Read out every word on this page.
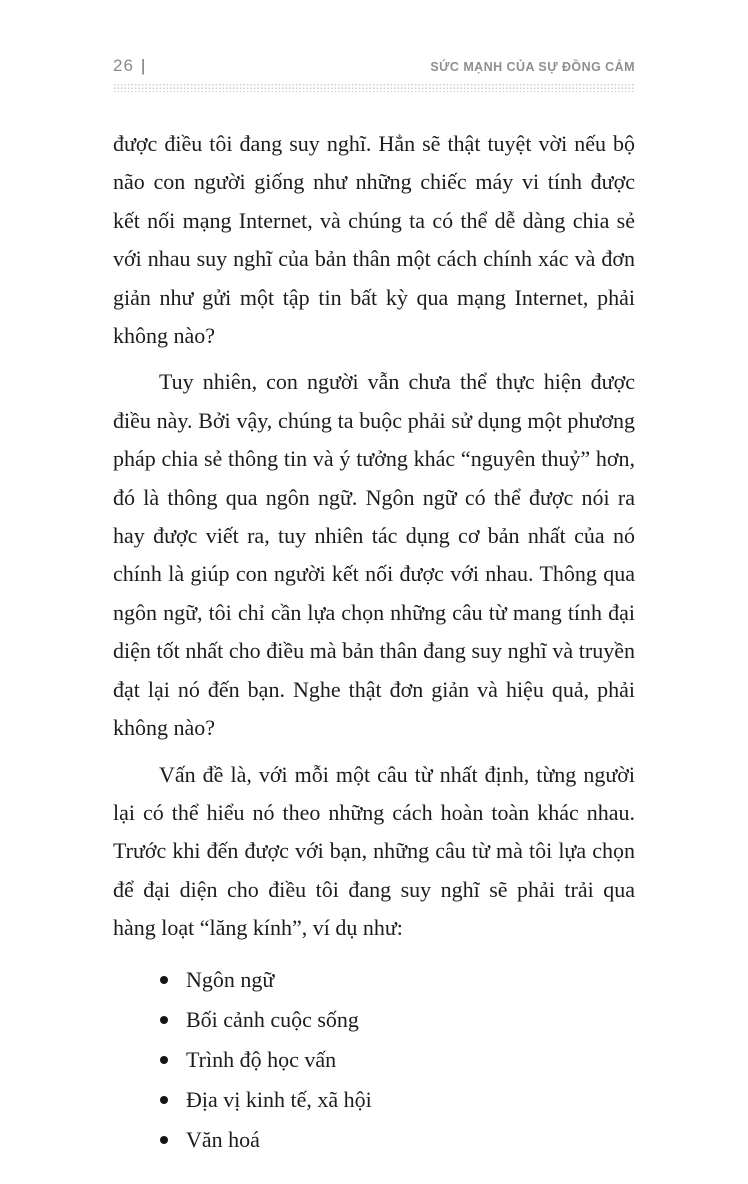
26 |	SỨC MẠNH CỦA SỰ ĐỒNG CẢM

được điều tôi đang suy nghĩ. Hẳn sẽ thật tuyệt vời nếu bộ não con người giống như những chiếc máy vi tính được kết nối mạng Internet, và chúng ta có thể dễ dàng chia sẻ với nhau suy nghĩ của bản thân một cách chính xác và đơn giản như gửi một tập tin bất kỳ qua mạng Internet, phải không nào?

Tuy nhiên, con người vẫn chưa thể thực hiện được điều này. Bởi vậy, chúng ta buộc phải sử dụng một phương pháp chia sẻ thông tin và ý tưởng khác “nguyên thuỷ” hơn, đó là thông qua ngôn ngữ. Ngôn ngữ có thể được nói ra hay được viết ra, tuy nhiên tác dụng cơ bản nhất của nó chính là giúp con người kết nối được với nhau. Thông qua ngôn ngữ, tôi chỉ cần lựa chọn những câu từ mang tính đại diện tốt nhất cho điều mà bản thân đang suy nghĩ và truyền đạt lại nó đến bạn. Nghe thật đơn giản và hiệu quả, phải không nào?

Vấn đề là, với mỗi một câu từ nhất định, từng người lại có thể hiểu nó theo những cách hoàn toàn khác nhau. Trước khi đến được với bạn, những câu từ mà tôi lựa chọn để đại diện cho điều tôi đang suy nghĩ sẽ phải trải qua hàng loạt “lăng kính”, ví dụ như:

Ngôn ngữ
Bối cảnh cuộc sống
Trình độ học vấn
Địa vị kinh tế, xã hội
Văn hoá
